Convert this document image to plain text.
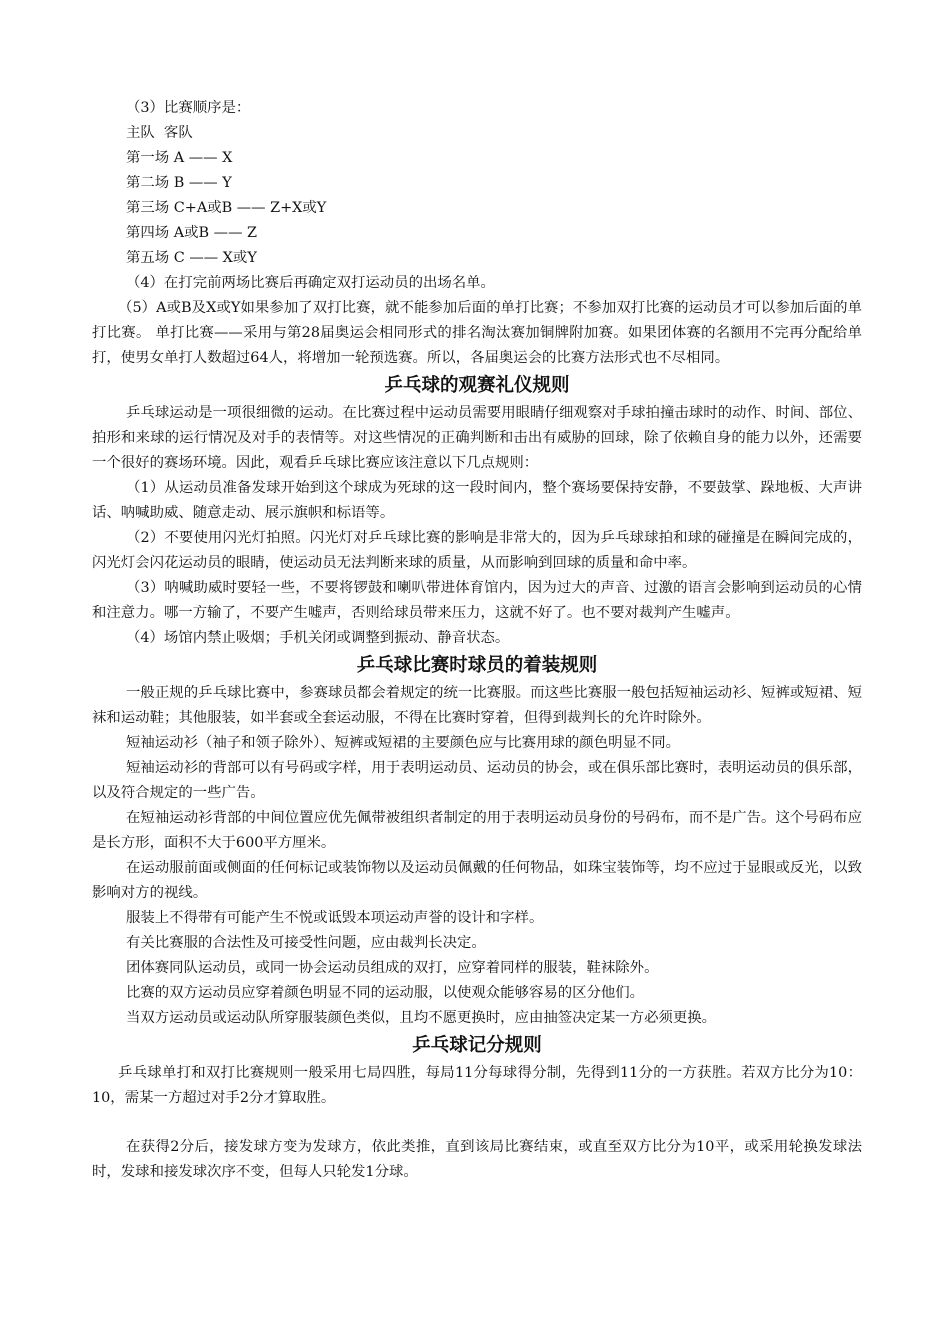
（3）比赛顺序是：

主队  客队

第一场 A —— X

第二场 B —— Y

第三场 C+A或B —— Z+X或Y

第四场 A或B —— Z

第五场 C —— X或Y

（4）在打完前两场比赛后再确定双打运动员的出场名单。

（5）A或B及X或Y如果参加了双打比赛，就不能参加后面的单打比赛；不参加双打比赛的运动员才可以参加后面的单打比赛。 单打比赛——采用与第28届奥运会相同形式的排名淘汰赛加铜牌附加赛。如果团体赛的名额用不完再分配给单打，使男女单打人数超过64人，将增加一轮预选赛。所以，各届奥运会的比赛方法形式也不尽相同。

乒乓球的观赛礼仪规则

乒乓球运动是一项很细微的运动。在比赛过程中运动员需要用眼睛仔细观察对手球拍撞击球时的动作、时间、部位、拍形和来球的运行情况及对手的表情等。对这些情况的正确判断和击出有威胁的回球，除了依赖自身的能力以外，还需要一个很好的赛场环境。因此，观看乒乓球比赛应该注意以下几点规则：

（1）从运动员准备发球开始到这个球成为死球的这一段时间内，整个赛场要保持安静，不要鼓掌、跺地板、大声讲话、呐喊助威、随意走动、展示旗帜和标语等。

（2）不要使用闪光灯拍照。闪光灯对乒乓球比赛的影响是非常大的，因为乒乓球球拍和球的碰撞是在瞬间完成的，闪光灯会闪花运动员的眼睛，使运动员无法判断来球的质量，从而影响到回球的质量和命中率。

（3）呐喊助威时要轻一些，不要将锣鼓和喇叭带进体育馆内，因为过大的声音、过激的语言会影响到运动员的心情和注意力。哪一方输了，不要产生嘘声，否则给球员带来压力，这就不好了。也不要对裁判产生嘘声。

（4）场馆内禁止吸烟；手机关闭或调整到振动、静音状态。

乒乓球比赛时球员的着装规则

一般正规的乒乓球比赛中，参赛球员都会着规定的统一比赛服。而这些比赛服一般包括短袖运动衫、短裤或短裙、短袜和运动鞋；其他服装，如半套或全套运动服，不得在比赛时穿着，但得到裁判长的允许时除外。

短袖运动衫（袖子和领子除外）、短裤或短裙的主要颜色应与比赛用球的颜色明显不同。

短袖运动衫的背部可以有号码或字样，用于表明运动员、运动员的协会，或在俱乐部比赛时，表明运动员的俱乐部，以及符合规定的一些广告。

在短袖运动衫背部的中间位置应优先佩带被组织者制定的用于表明运动员身份的号码布，而不是广告。这个号码布应是长方形，面积不大于600平方厘米。

在运动服前面或侧面的任何标记或装饰物以及运动员佩戴的任何物品，如珠宝装饰等，均不应过于显眼或反光，以致影响对方的视线。

服装上不得带有可能产生不悦或诋毁本项运动声誉的设计和字样。

有关比赛服的合法性及可接受性问题，应由裁判长决定。

团体赛同队运动员，或同一协会运动员组成的双打，应穿着同样的服装，鞋袜除外。

比赛的双方运动员应穿着颜色明显不同的运动服，以使观众能够容易的区分他们。

当双方运动员或运动队所穿服装颜色类似，且均不愿更换时，应由抽签决定某一方必须更换。

乒乓球记分规则

乒乓球单打和双打比赛规则一般采用七局四胜，每局11分每球得分制，先得到11分的一方获胜。若双方比分为10：10，需某一方超过对手2分才算取胜。

在获得2分后，接发球方变为发球方，依此类推，直到该局比赛结束，或直至双方比分为10平，或采用轮换发球法时，发球和接发球次序不变，但每人只轮发1分球。
